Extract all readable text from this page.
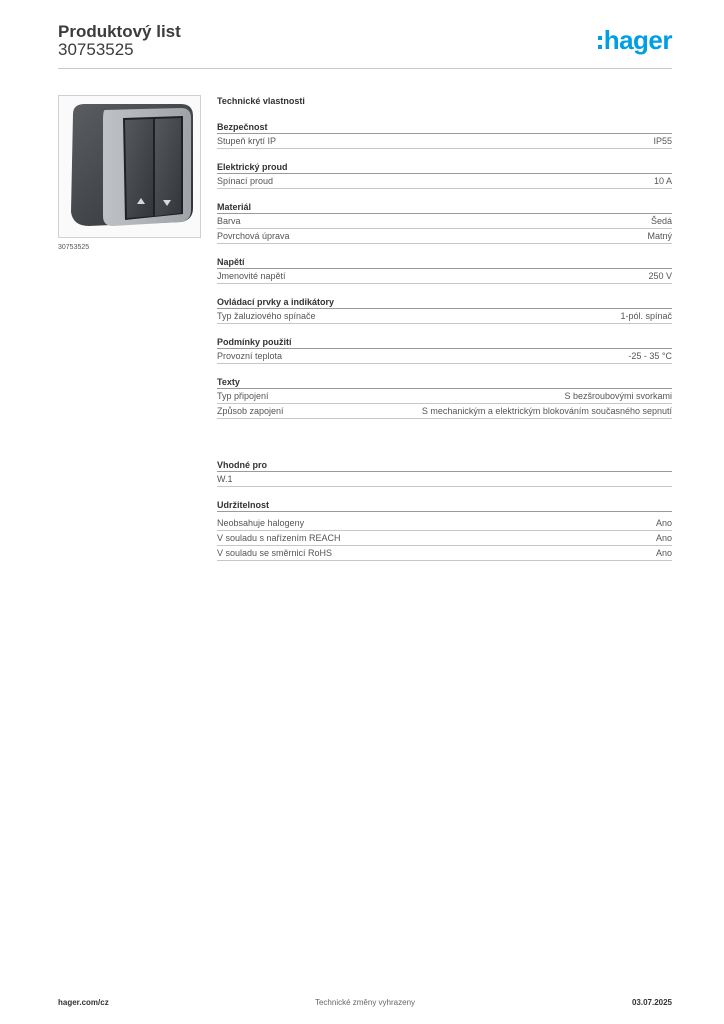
Produktový list
30753525	hager
30753525
Technické vlastnosti
Bezpečnost
Stupeň krytí IP	IP55
Elektrický proud
Spínací proud	10 A
Materiál
Barva	Šedá
Povrchová úprava	Matný
Napětí
Jmenovité napětí	250 V
Ovládací prvky a indikátory
Typ žaluziového spínače	1-pól. spínač
Podmínky použití
Provozní teplota	-25 - 35 °C
Texty
Typ připojení	S bezšroubovými svorkami
Způsob zapojení	S mechanickým a elektrickým blokováním současného sepnutí
Vhodné pro
W.1
Udržitelnost
Neobsahuje halogeny	Ano
V souladu s nařízením REACH	Ano
V souladu se směrnicí RoHS	Ano
hager.com/cz	Technické změny vyhrazeny	03.07.2025
